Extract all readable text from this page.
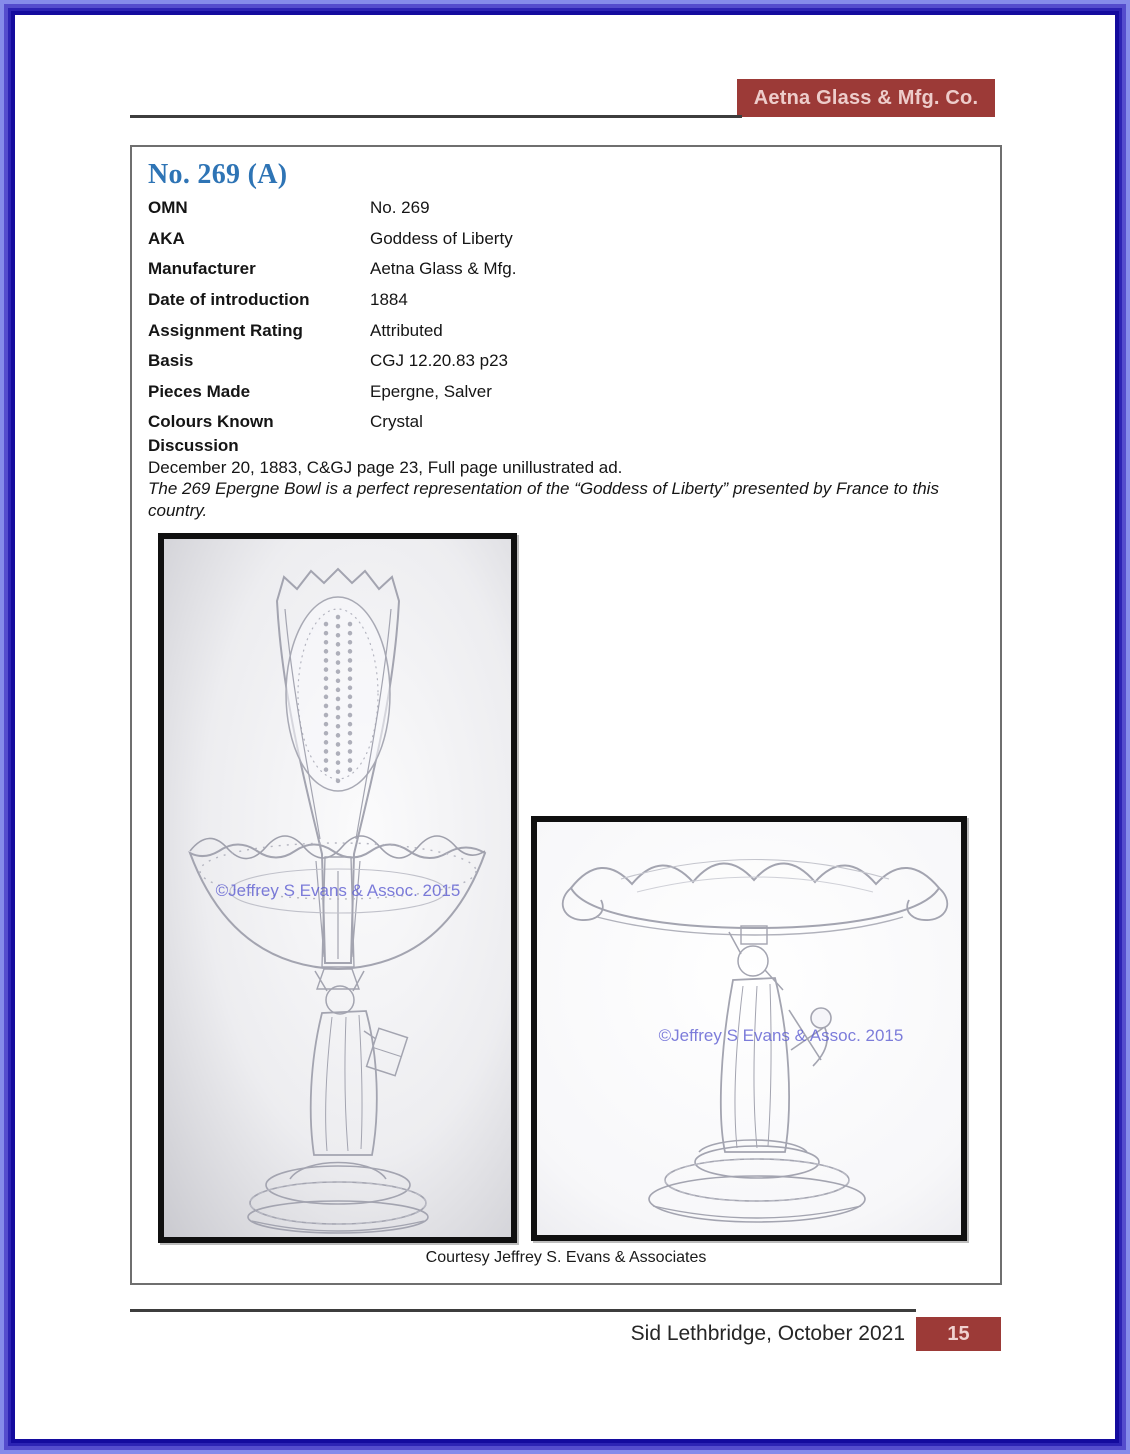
Aetna Glass & Mfg. Co.
No. 269 (A)
OMN	No. 269
AKA	Goddess of Liberty
Manufacturer	Aetna Glass & Mfg.
Date of introduction	1884
Assignment Rating	Attributed
Basis	CGJ 12.20.83 p23
Pieces Made	Epergne, Salver
Colours Known	Crystal
Discussion
December 20, 1883, C&GJ page 23, Full page unillustrated ad.
The 269 Epergne Bowl is a perfect representation of the “Goddess of Liberty” presented by France to this country.
©Jeffrey S Evans & Assoc. 2015
©Jeffrey S Evans & Assoc. 2015
Courtesy Jeffrey S. Evans & Associates
Sid Lethbridge, October 2021 15
